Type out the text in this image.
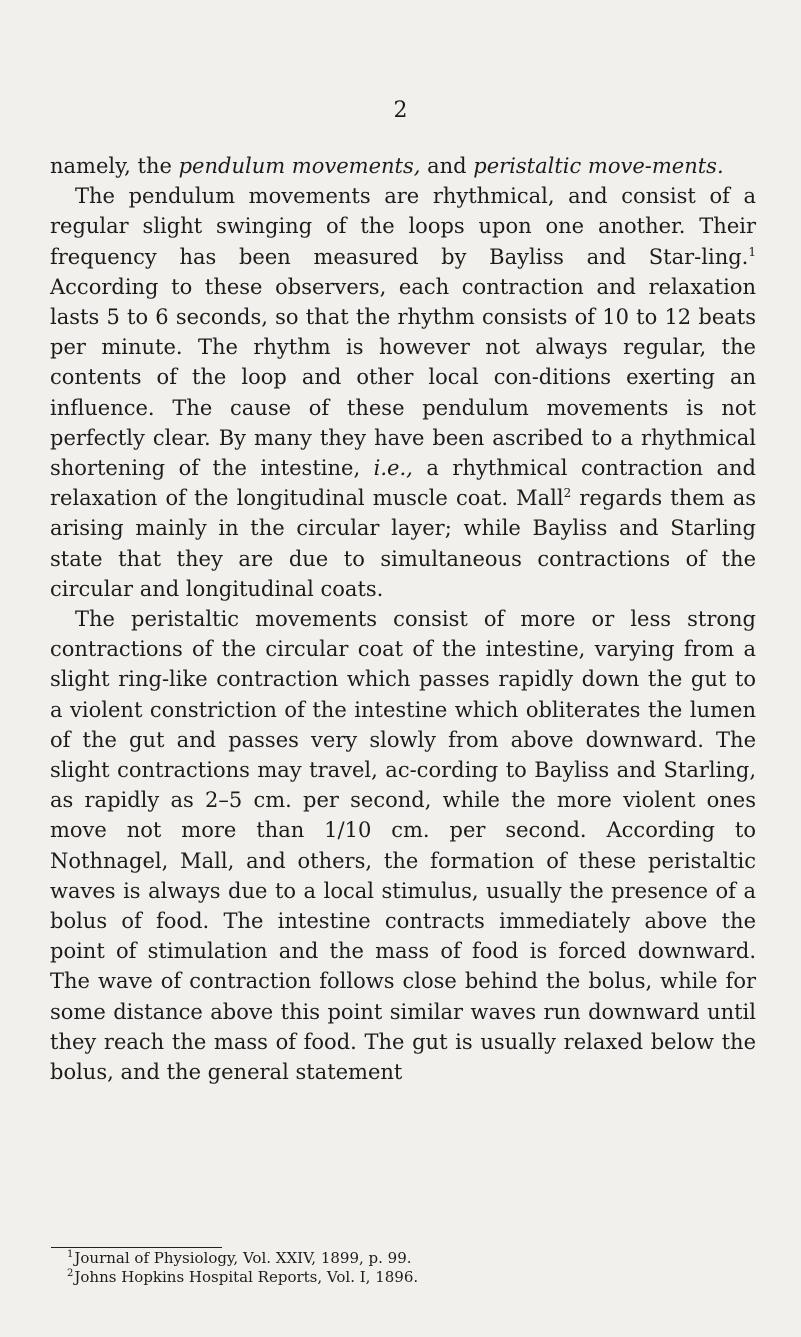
2

namely, the pendulum movements, and peristaltic move-ments.

The pendulum movements are rhythmical, and consist of a regular slight swinging of the loops upon one another. Their frequency has been measured by Bayliss and Star-ling.$^1$ According to these observers, each contraction and relaxation lasts 5 to 6 seconds, so that the rhythm consists of 10 to 12 beats per minute. The rhythm is however not always regular, the contents of the loop and other local con-ditions exerting an influence. The cause of these pendulum movements is not perfectly clear. By many they have been ascribed to a rhythmical shortening of the intestine, i.e., a rhythmical contraction and relaxation of the longitudinal muscle coat. Mall$^2$ regards them as arising mainly in the circular layer; while Bayliss and Starling state that they are due to simultaneous contractions of the circular and longitudinal coats.

The peristaltic movements consist of more or less strong contractions of the circular coat of the intestine, varying from a slight ring-like contraction which passes rapidly down the gut to a violent constriction of the intestine which obliterates the lumen of the gut and passes very slowly from above downward. The slight contractions may travel, ac-cording to Bayliss and Starling, as rapidly as 2–5 cm. per second, while the more violent ones move not more than 1/10 cm. per second. According to Nothnagel, Mall, and others, the formation of these peristaltic waves is always due to a local stimulus, usually the presence of a bolus of food. The intestine contracts immediately above the point of stimulation and the mass of food is forced downward. The wave of contraction follows close behind the bolus, while for some distance above this point similar waves run downward until they reach the mass of food. The gut is usually relaxed below the bolus, and the general statement

$^1$Journal of Physiology, Vol. XXIV, 1899, p. 99.
$^2$Johns Hopkins Hospital Reports, Vol. I, 1896.
